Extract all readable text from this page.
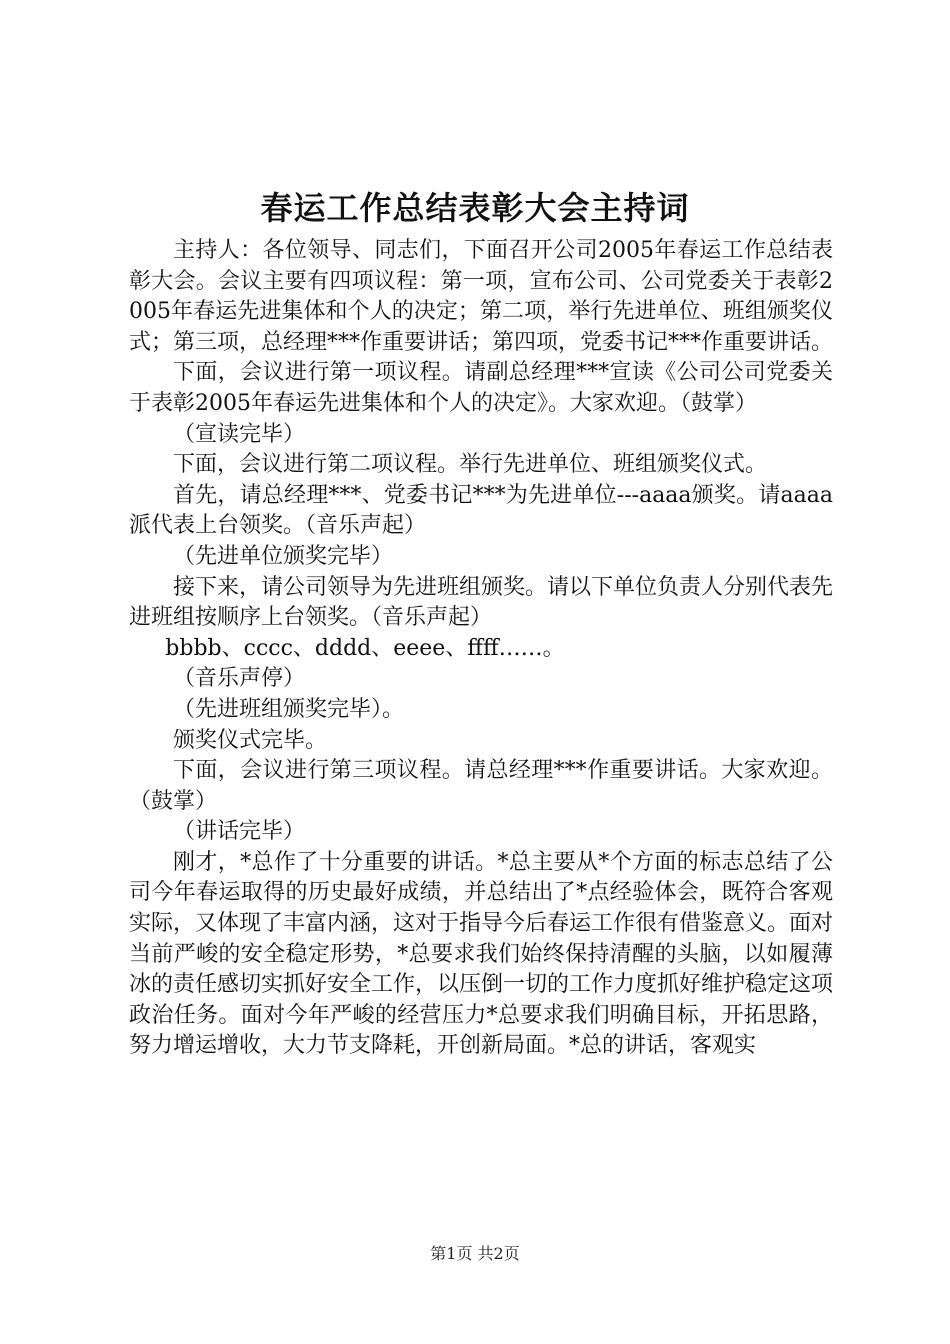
春运工作总结表彰大会主持词

主持人：各位领导、同志们，下面召开公司2005年春运工作总结表彰大会。会议主要有四项议程：第一项，宣布公司、公司党委关于表彰2005年春运先进集体和个人的决定；第二项，举行先进单位、班组颁奖仪式；第三项，总经理***作重要讲话；第四项，党委书记***作重要讲话。

下面，会议进行第一项议程。请副总经理***宣读《公司公司党委关于表彰2005年春运先进集体和个人的决定》。大家欢迎。（鼓掌）

（宣读完毕）

下面，会议进行第二项议程。举行先进单位、班组颁奖仪式。

首先，请总经理***、党委书记***为先进单位---aaaa颁奖。请aaaa派代表上台领奖。（音乐声起）

（先进单位颁奖完毕）

接下来，请公司领导为先进班组颁奖。请以下单位负责人分别代表先进班组按顺序上台领奖。（音乐声起）

bbbb、cccc、dddd、eeee、ffff……。

（音乐声停）

（先进班组颁奖完毕）。

颁奖仪式完毕。

下面，会议进行第三项议程。请总经理***作重要讲话。大家欢迎。（鼓掌）

（讲话完毕）

刚才，*总作了十分重要的讲话。*总主要从*个方面的标志总结了公司今年春运取得的历史最好成绩，并总结出了*点经验体会，既符合客观实际，又体现了丰富内涵，这对于指导今后春运工作很有借鉴意义。面对当前严峻的安全稳定形势，*总要求我们始终保持清醒的头脑，以如履薄冰的责任感切实抓好安全工作，以压倒一切的工作力度抓好维护稳定这项政治任务。面对今年严峻的经营压力*总要求我们明确目标，开拓思路，努力增运增收，大力节支降耗，开创新局面。*总的讲话，客观实

第1页 共2页
